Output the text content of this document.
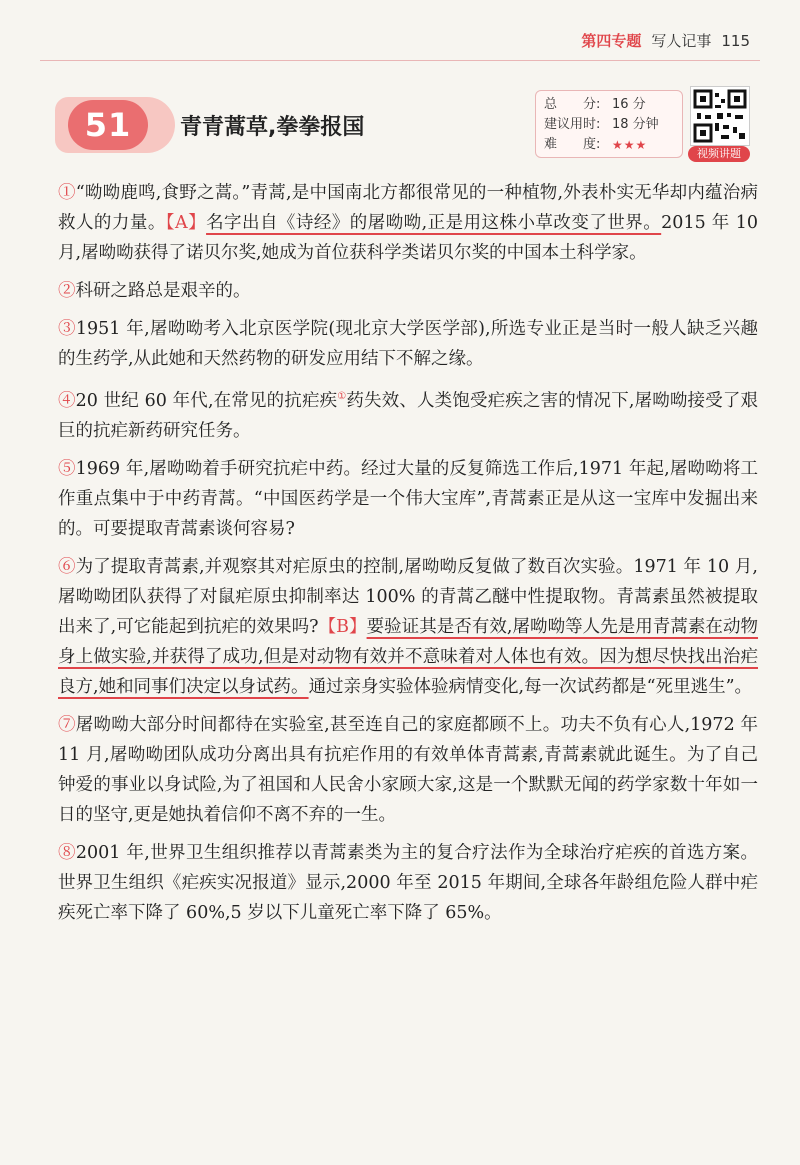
第四专题 写人记事 115
51	青青蒿草,拳拳报国
总　　分: 16 分
建议用时: 18 分钟
难　　度: ★★★
视频讲题

①“呦呦鹿鸣,食野之蒿。”青蒿,是中国南北方都很常见的一种植物,外表朴实无华却内蕴治病救人的力量。【A】名字出自《诗经》的屠呦呦,正是用这株小草改变了世界。2015 年 10 月,屠呦呦获得了诺贝尔奖,她成为首位获科学类诺贝尔奖的中国本土科学家。

②科研之路总是艰辛的。

③1951 年,屠呦呦考入北京医学院(现北京大学医学部),所选专业正是当时一般人缺乏兴趣的生药学,从此她和天然药物的研发应用结下不解之缘。

④20 世纪 60 年代,在常见的抗疟疾①药失效、人类饱受疟疾之害的情况下,屠呦呦接受了艰巨的抗疟新药研究任务。

⑤1969 年,屠呦呦着手研究抗疟中药。经过大量的反复筛选工作后,1971 年起,屠呦呦将工作重点集中于中药青蒿。“中国医药学是一个伟大宝库”,青蒿素正是从这一宝库中发掘出来的。可要提取青蒿素谈何容易?

⑥为了提取青蒿素,并观察其对疟原虫的控制,屠呦呦反复做了数百次实验。1971 年 10 月,屠呦呦团队获得了对鼠疟原虫抑制率达 100% 的青蒿乙醚中性提取物。青蒿素虽然被提取出来了,可它能起到抗疟的效果吗?【B】要验证其是否有效,屠呦呦等人先是用青蒿素在动物身上做实验,并获得了成功,但是对动物有效并不意味着对人体也有效。因为想尽快找出治疟良方,她和同事们决定以身试药。通过亲身实验体验病情变化,每一次试药都是“死里逃生”。

⑦屠呦呦大部分时间都待在实验室,甚至连自己的家庭都顾不上。功夫不负有心人,1972 年 11 月,屠呦呦团队成功分离出具有抗疟作用的有效单体青蒿素,青蒿素就此诞生。为了自己钟爱的事业以身试险,为了祖国和人民舍小家顾大家,这是一个默默无闻的药学家数十年如一日的坚守,更是她执着信仰不离不弃的一生。

⑧2001 年,世界卫生组织推荐以青蒿素类为主的复合疗法作为全球治疗疟疾的首选方案。世界卫生组织《疟疾实况报道》显示,2000 年至 2015 年期间,全球各年龄组危险人群中疟疾死亡率下降了 60%,5 岁以下儿童死亡率下降了 65%。
